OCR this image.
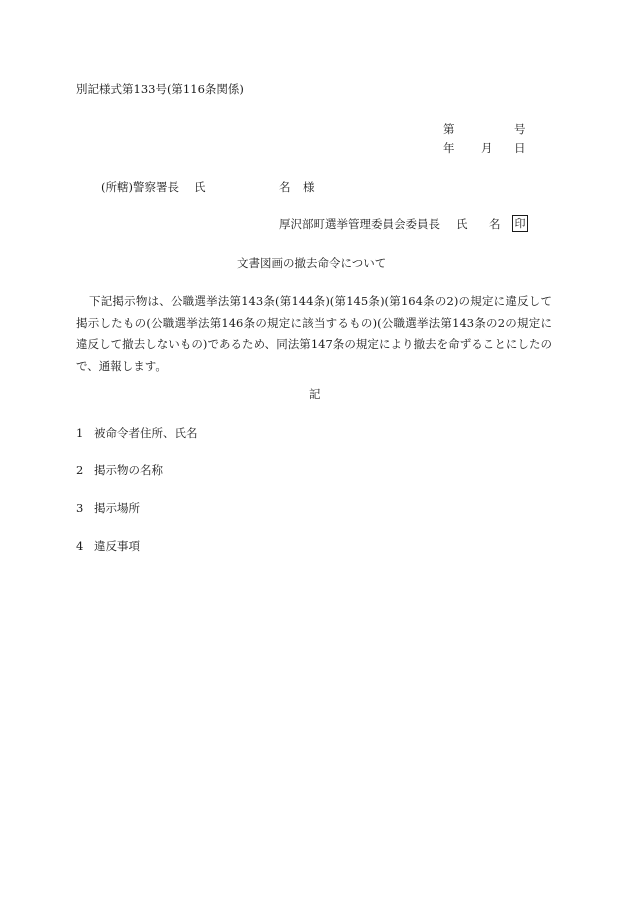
別記様式第133号(第116条関係)
第	号
年 月 日
(所轄)警察署長 氏	名 様
厚沢部町選挙管理委員会委員長 氏 名 印
文書図画の撤去命令について
下記掲示物は、公職選挙法第143条(第144条)(第145条)(第164条の2)の規定に違反して掲示したもの(公職選挙法第146条の規定に該当するもの)(公職選挙法第143条の2の規定に違反して撤去しないもの)であるため、同法第147条の規定により撤去を命ずることにしたので、通報します。
記
1 被命令者住所、氏名
2 掲示物の名称
3 掲示場所
4 違反事項
